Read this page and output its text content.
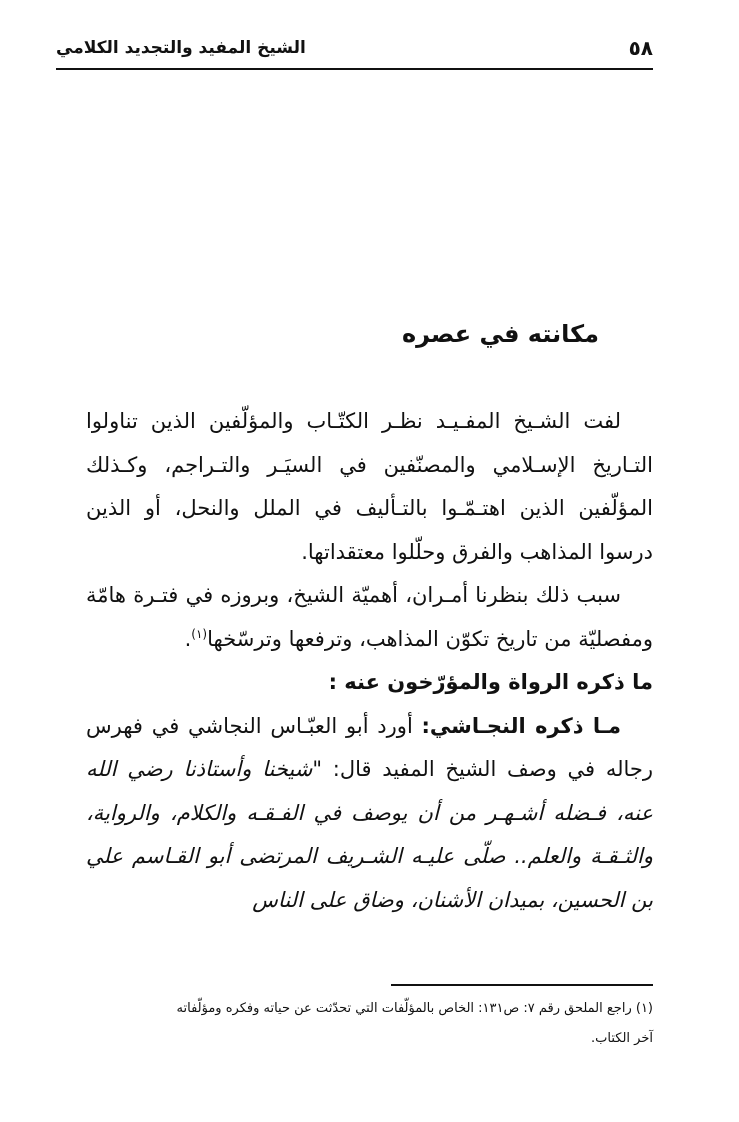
٥٨
الشيخ المفيد والتجديد الكلامي
مكانته في عصره

لفت الشـيخ المفـيـد نظـر الكتّـاب والمؤلّفين الذين تناولوا التـاريخ الإسـلامي والمصنّفين في السيَـر والتـراجم، وكـذلك المؤلّفين الذين اهتـمّـوا بالتـأليف في الملل والنحل، أو الذين درسوا المذاهب والفرق وحلّلوا معتقداتها.

سبب ذلك بنظرنا أمـران، أهميّة الشيخ، وبروزه في فتـرة هامّة ومفصليّة من تاريخ تكوّن المذاهب، وترفعها وترسّخها$^{(١)}$.

ما ذكره الرواة والمؤرّخون عنه :

مـا ذكره النجـاشي: أورد أبو العبّـاس النجاشي في فهرس رجاله في وصف الشيخ المفيد قال: "شيخنا وأستاذنا رضي الله عنه، فـضله أشـهـر من أن يوصف في الفـقـه والكلام، والرواية، والثـقـة والعلم.. صلّى عليـه الشـريف المرتضى أبو القـاسم علي بن الحسين، بميدان الأشنان، وضاق على الناس

(١) راجع الملحق رقم ٧: ص١٣١: الخاص بالمؤلّفات التي تحدّثت عن حياته وفكره ومؤلّفاته
آخر الكتاب.
